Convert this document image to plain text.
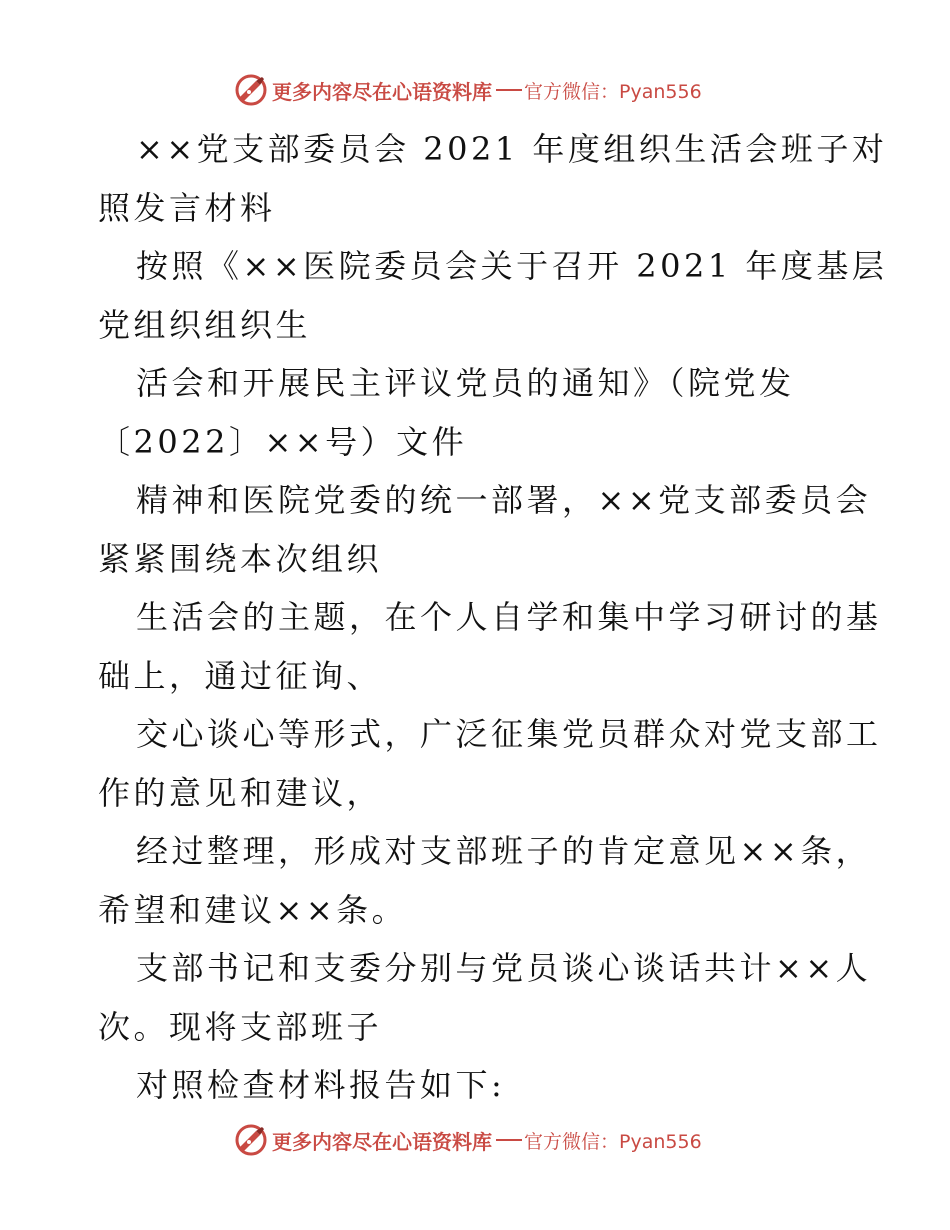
更多内容尽在心语资料库 官方微信：Pyan556
××党支部委员会 2021 年度组织生活会班子对
照发言材料
按照《××医院委员会关于召开 2021 年度基层
党组织组织生
活会和开展民主评议党员的通知》（院党发
〔2022〕××号）文件
精神和医院党委的统一部署，××党支部委员会
紧紧围绕本次组织
生活会的主题，在个人自学和集中学习研讨的基
础上，通过征询、
交心谈心等形式，广泛征集党员群众对党支部工
作的意见和建议，
经过整理，形成对支部班子的肯定意见××条，
希望和建议××条。
支部书记和支委分别与党员谈心谈话共计××人
次。现将支部班子
对照检查材料报告如下:
更多内容尽在心语资料库 官方微信：Pyan556
